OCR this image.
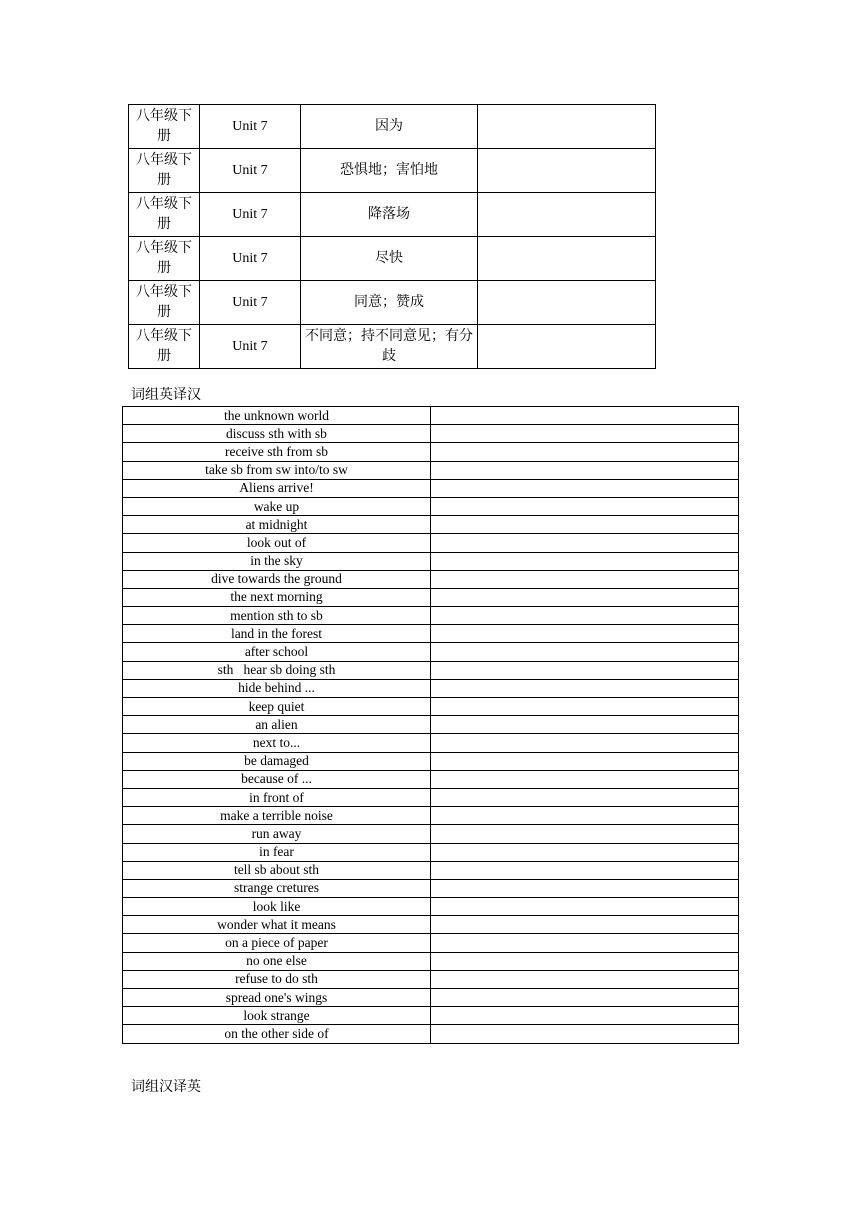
八年级下册	Unit 7	因为	
八年级下册	Unit 7	恐惧地；害怕地	
八年级下册	Unit 7	降落场	
八年级下册	Unit 7	尽快	
八年级下册	Unit 7	同意；赞成	
八年级下册	Unit 7	不同意；持不同意见；有分歧	

词组英译汉

the unknown world	
discuss sth with sb	
receive sth from sb	
take sb from sw into/to sw	
Aliens arrive!	
wake up	
at midnight	
look out of	
in the sky	
dive towards the ground	
the next morning	
mention sth to sb	
land in the forest	
after school	
sth   hear sb doing sth	
hide behind ...	
keep quiet	
an alien	
next to...	
be damaged	
because of ...	
in front of	
make a terrible noise	
run away	
in fear	
tell sb about sth	
strange cretures	
look like	
wonder what it means	
on a piece of paper	
no one else	
refuse to do sth	
spread one's wings	
look strange	
on the other side of	

词组汉译英
